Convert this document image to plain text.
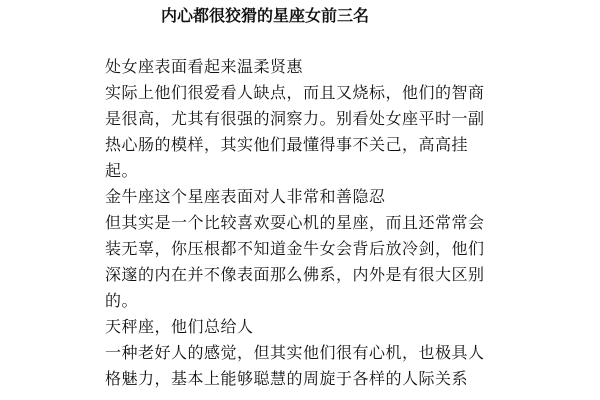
内心都很狡猾的星座女前三名
处女座表面看起来温柔贤惠
实际上他们很爱看人缺点，而且又烧标，他们的智商
是很高，尤其有很强的洞察力。别看处女座平时一副
热心肠的模样，其实他们最懂得事不关己，高高挂
起。
金牛座这个星座表面对人非常和善隐忍
但其实是一个比较喜欢耍心机的星座，而且还常常会
装无辜，你压根都不知道金牛女会背后放冷剑，他们
深邃的内在并不像表面那么佛系，内外是有很大区别
的。
天秤座，他们总给人
一种老好人的感觉，但其实他们很有心机，也极具人
格魅力，基本上能够聪慧的周旋于各样的人际关系
